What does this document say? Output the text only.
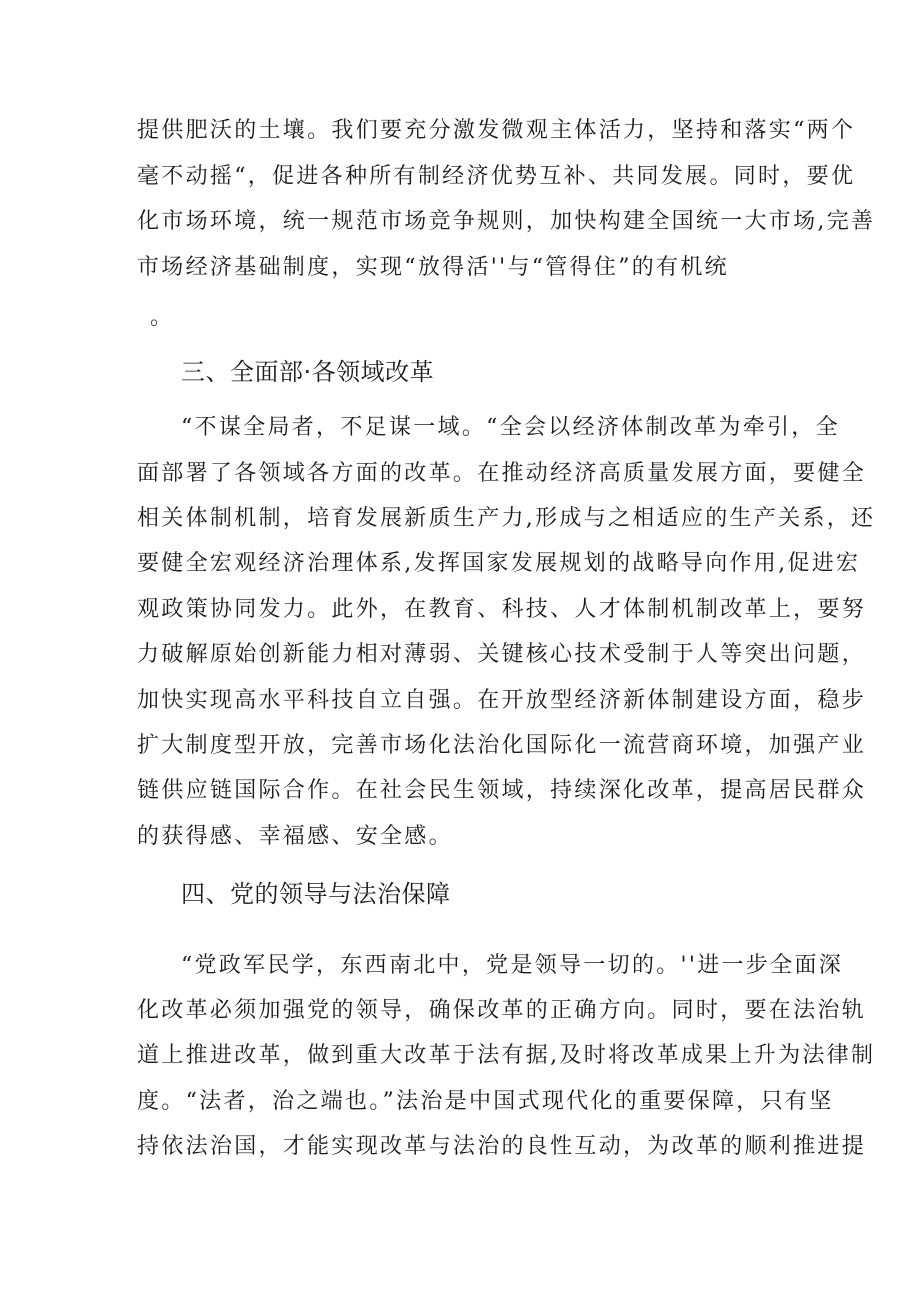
提供肥沃的土壤。我们要充分激发微观主体活力，坚持和落实“两个

毫不动摇“，促进各种所有制经济优势互补、共同发展。同时，要优

化市场环境，统一规范市场竞争规则，加快构建全国统一大市场,完善

市场经济基础制度，实现“放得活''与“管得住”的有机统

。

三、全面部·各领域改革

“不谋全局者，不足谋一域。“全会以经济体制改革为牵引，全

面部署了各领域各方面的改革。在推动经济高质量发展方面，要健全

相关体制机制，培育发展新质生产力,形成与之相适应的生产关系，还

要健全宏观经济治理体系,发挥国家发展规划的战略导向作用,促进宏

观政策协同发力。此外，在教育、科技、人才体制机制改革上，要努

力破解原始创新能力相对薄弱、关键核心技术受制于人等突出问题，

加快实现高水平科技自立自强。在开放型经济新体制建设方面，稳步

扩大制度型开放，完善市场化法治化国际化一流营商环境，加强产业

链供应链国际合作。在社会民生领域，持续深化改革，提高居民群众

的获得感、幸福感、安全感。

四、党的领导与法治保障

“党政军民学，东西南北中，党是领导一切的。''进一步全面深

化改革必须加强党的领导，确保改革的正确方向。同时，要在法治轨

道上推进改革，做到重大改革于法有据,及时将改革成果上升为法律制

度。“法者，治之端也。”法治是中国式现代化的重要保障，只有坚

持依法治国，才能实现改革与法治的良性互动，为改革的顺利推进提
